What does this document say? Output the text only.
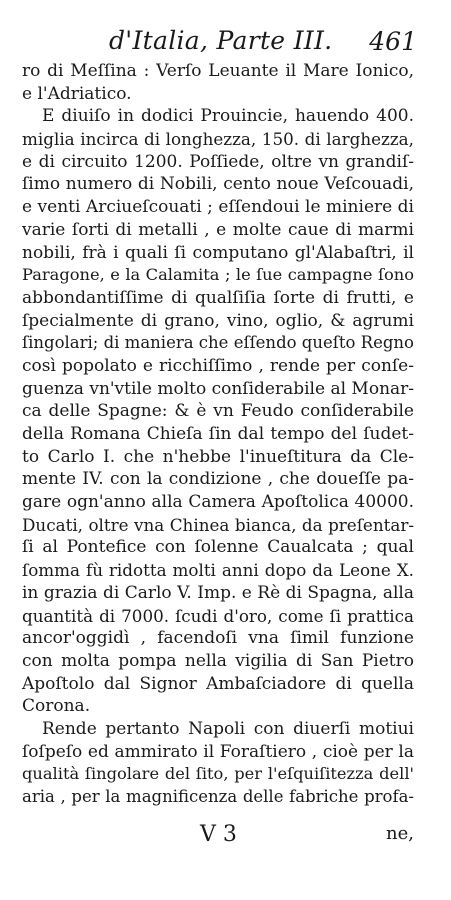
d'Italia, Parte III. 461
ro di Meſſina : Verſo Leuante il Mare Ionico,
e l'Adriatico.
E diuiſo in dodici Prouincie, hauendo 400.
miglia incirca di longhezza, 150. di larghezza,
e di circuito 1200. Poſſiede, oltre vn grandiſ-
ſimo numero di Nobili, cento noue Veſcouadi,
e venti Arciueſcouati ; eſſendoui le miniere di
varie ſorti di metalli , e molte caue di marmi
nobili, frà i quali ſi computano gl'Alabaſtri, il
Paragone, e la Calamita ; le ſue campagne ſono
abbondantiſſime di qualſiſia ſorte di frutti, e
ſpecialmente di grano, vino, oglio, & agrumi
ſingolari; di maniera che eſſendo queſto Regno
così popolato e ricchiſſimo , rende per conſe-
guenza vn'vtile molto conſiderabile al Monar-
ca delle Spagne: & è vn Feudo conſiderabile
della Romana Chieſa ſin dal tempo del ſudet-
to Carlo I. che n'hebbe l'inueſtitura da Cle-
mente IV. con la condizione , che doueſſe pa-
gare ogn'anno alla Camera Apoſtolica 40000.
Ducati, oltre vna Chinea bianca, da preſentar-
ſi al Pontefice con ſolenne Caualcata ; qual
ſomma fù ridotta molti anni dopo da Leone X.
in grazia di Carlo V. Imp. e Rè di Spagna, alla
quantità di 7000. ſcudi d'oro, come ſi prattica
ancor'oggidì , facendoſi vna ſimil funzione
con molta pompa nella vigilia di San Pietro
Apoſtolo dal Signor Ambaſciadore di quella
Corona.
Rende pertanto Napoli con diuerſi motiui
ſoſpeſo ed ammirato il Foraſtiero , cioè per la
qualità ſingolare del ſito, per l'eſquiſitezza dell'
aria , per la magnificenza delle fabriche profa-
V 3	ne,
